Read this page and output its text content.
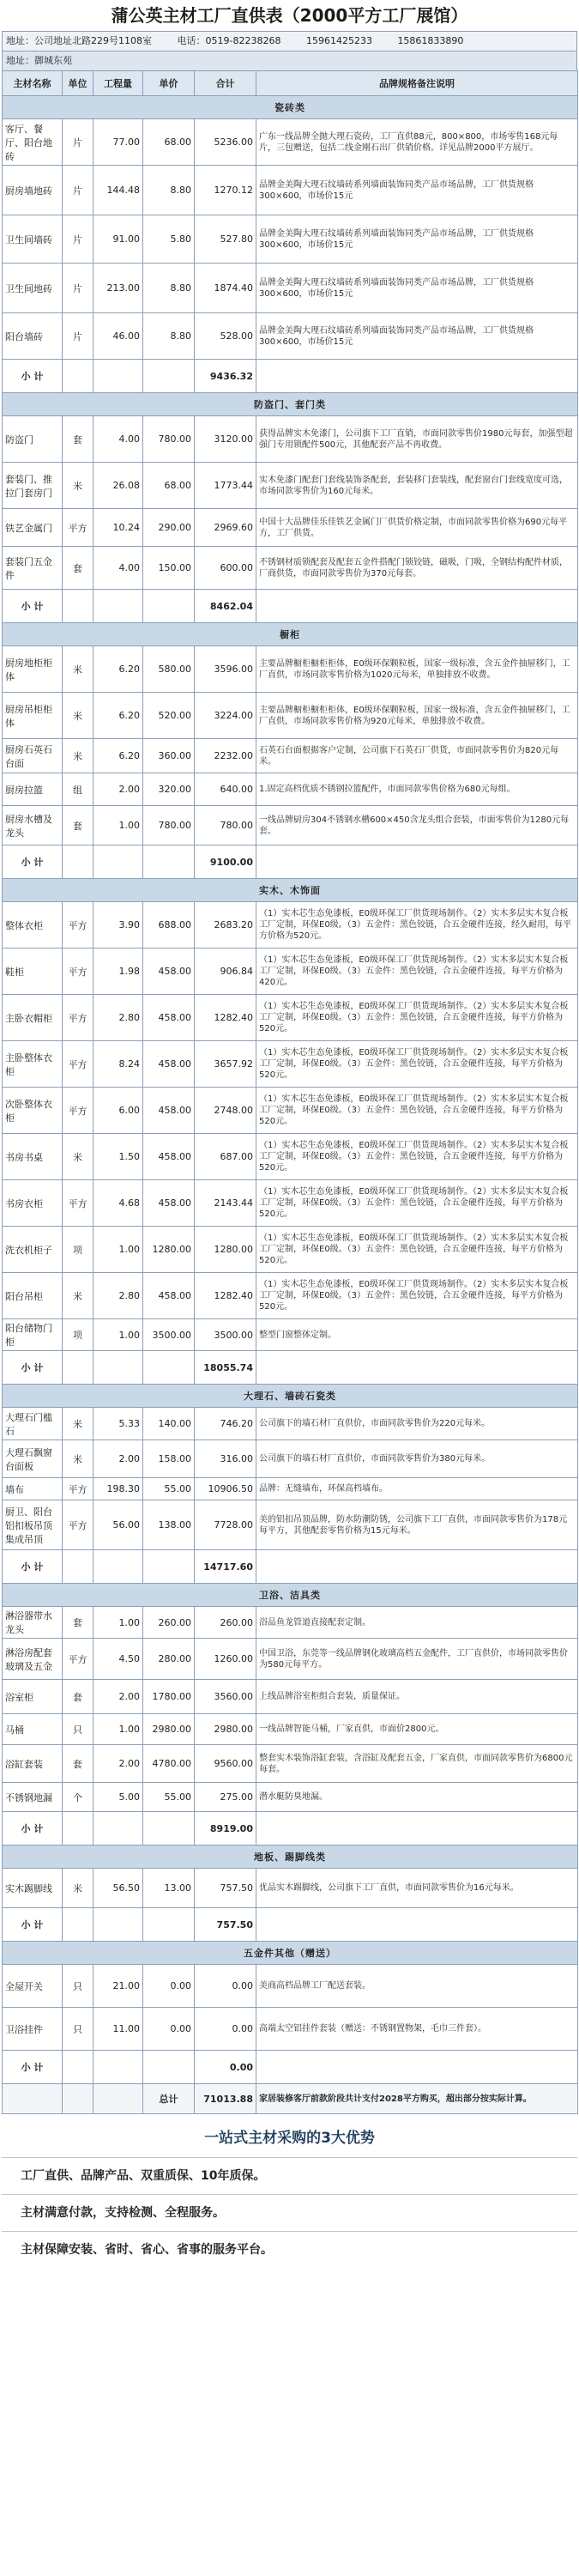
蒲公英主材工厂直供表（2000平方工厂展馆）
地址：公司地址北路229号1108室	电话：0519-82238268	15961425233	15861833890
地址：御城东苑
主材名称	单位	工程量	单价	合计	品牌规格备注说明
瓷砖类					
客厅、餐厅、阳台地砖	片	77.00	68.00	5236.00	广东一线品牌全抛大理石瓷砖，工厂直供88元，800×800，市场零售168元每片，三包赠送，包括二线金刚石出厂供销价格。详见品牌2000平方展厅。
厨房墙地砖	片	144.48	8.80	1270.12	品牌金美陶大理石纹墙砖系列墙面装饰同类产品市场品牌，工厂供货规格300×600，市场价15元
卫生间墙砖	片	91.00	5.80	527.80	品牌金美陶大理石纹墙砖系列墙面装饰同类产品市场品牌，工厂供货规格300×600，市场价15元
卫生间地砖	片	213.00	8.80	1874.40	品牌金美陶大理石纹墙砖系列墙面装饰同类产品市场品牌，工厂供货规格300×600，市场价15元
阳台墙砖	片	46.00	8.80	528.00	品牌金美陶大理石纹墙砖系列墙面装饰同类产品市场品牌，工厂供货规格300×600，市场价15元
小 计				9436.32	
防盗门、套门类					
防盗门	套	4.00	780.00	3120.00	获得品牌实木免漆门，公司旗下工厂直销，市面同款零售价1980元每套，加强型超强门专用锁配件500元，其他配套产品不再收费。
套装门、推拉门套房门	米	26.08	68.00	1773.44	实木免漆门配套门套线装饰条配套，套装移门套装线，配套窗台门套线宽度可选，市场同款零售价为160元每米。
铁艺金属门	平方	10.24	290.00	2969.60	中国十大品牌佳乐佳铁艺金属门厂供货价格定制，市面同款零售价格为690元每平方，工厂供货。
套装门五金件	套	4.00	150.00	600.00	不锈钢材质锁配套及配套五金件搭配门锁铰链，磁吸，门吸，全钢结构配件材质，厂商供货，市面同款零售价为370元每套。
小 计				8462.04	
橱柜					
厨房地柜柜体	米	6.20	580.00	3596.00	主要品牌橱柜橱柜柜体，E0级环保颗粒板，国家一级标准，含五金件抽屉移门，工厂直供，市场同款零售价格为1020元每米，单独排放不收费。
厨房吊柜柜体	米	6.20	520.00	3224.00	主要品牌橱柜橱柜柜体，E0级环保颗粒板，国家一级标准，含五金件抽屉移门，工厂直供，市场同款零售价格为920元每米，单独排放不收费。
厨房石英石台面	米	6.20	360.00	2232.00	石英石台面根据客户定制，公司旗下石英石厂供货，市面同款零售价为820元每米。
厨房拉篮	组	2.00	320.00	640.00	1.固定高档优质不锈钢拉篮配件，市面同款零售价格为680元每组。
厨房水槽及龙头	套	1.00	780.00	780.00	一线品牌厨房304不锈钢水槽600×450含龙头组合套装，市面零售价为1280元每套。
小 计				9100.00	
实木、木饰面					
整体衣柜	平方	3.90	688.00	2683.20	（1）实木芯生态免漆板，E0级环保工厂供货现场制作。（2）实木多层实木复合板工厂定制，环保E0级。（3）五金件：黑色铰链，合五金硬件连接，经久耐用，每平方价格为520元。
鞋柜	平方	1.98	458.00	906.84	（1）实木芯生态免漆板，E0级环保工厂供货现场制作。（2）实木多层实木复合板工厂定制，环保E0级。（3）五金件：黑色铰链，合五金硬件连接，每平方价格为420元。
主卧衣帽柜	平方	2.80	458.00	1282.40	（1）实木芯生态免漆板，E0级环保工厂供货现场制作。（2）实木多层实木复合板工厂定制，环保E0级。（3）五金件：黑色铰链，合五金硬件连接，每平方价格为520元。
主卧整体衣柜	平方	8.24	458.00	3657.92	（1）实木芯生态免漆板，E0级环保工厂供货现场制作。（2）实木多层实木复合板工厂定制，环保E0级。（3）五金件：黑色铰链，合五金硬件连接，每平方价格为520元。
次卧整体衣柜	平方	6.00	458.00	2748.00	（1）实木芯生态免漆板，E0级环保工厂供货现场制作。（2）实木多层实木复合板工厂定制，环保E0级。（3）五金件：黑色铰链，合五金硬件连接，每平方价格为520元。
书房书桌	米	1.50	458.00	687.00	（1）实木芯生态免漆板，E0级环保工厂供货现场制作。（2）实木多层实木复合板工厂定制，环保E0级。（3）五金件：黑色铰链，合五金硬件连接，每平方价格为520元。
书房衣柜	平方	4.68	458.00	2143.44	（1）实木芯生态免漆板，E0级环保工厂供货现场制作。（2）实木多层实木复合板工厂定制，环保E0级。（3）五金件：黑色铰链，合五金硬件连接，每平方价格为520元。
洗衣机柜子	项	1.00	1280.00	1280.00	（1）实木芯生态免漆板，E0级环保工厂供货现场制作。（2）实木多层实木复合板工厂定制，环保E0级。（3）五金件：黑色铰链，合五金硬件连接，每平方价格为520元。
阳台吊柜	米	2.80	458.00	1282.40	（1）实木芯生态免漆板，E0级环保工厂供货现场制作。（2）实木多层实木复合板工厂定制，环保E0级。（3）五金件：黑色铰链，合五金硬件连接，每平方价格为520元。
阳台储物门柜	项	1.00	3500.00	3500.00	整型门窗整体定制。
小 计				18055.74	
大理石、墙砖石瓷类					
大理石门槛石	米	5.33	140.00	746.20	公司旗下的墙石材厂直供价，市面同款零售价为220元每米。
大理石飘窗台面板	米	2.00	158.00	316.00	公司旗下的墙石材厂直供价，市面同款零售价为380元每米。
墙布	平方	198.30	55.00	10906.50	品牌：无缝墙布，环保高档墙布。
厨卫、阳台铝扣板吊顶集成吊顶	平方	56.00	138.00	7728.00	美的铝扣吊顶品牌，防水防潮防锈，公司旗下工厂直供，市面同款零售价为178元每平方，其他配套零售价格为15元每米。
小 计				14717.60	
卫浴、洁具类					
淋浴器带水龙头	套	1.00	260.00	260.00	浴品鱼龙管道直接配套定制。
淋浴房配套玻璃及五金	平方	4.50	280.00	1260.00	中国卫浴，东莞等一线品牌钢化玻璃高档五金配件，工厂直供价，市场同款零售价为580元每平方。
浴室柜	套	2.00	1780.00	3560.00	上线品牌浴室柜组合套装，质量保证。
马桶	只	1.00	2980.00	2980.00	一线品牌智能马桶，厂家直供，市面价2800元。
浴缸套装	套	2.00	4780.00	9560.00	整套实木装饰浴缸套装，含浴缸及配套五金，厂家直供，市面同款零售价为6800元每套。
不锈钢地漏	个	5.00	55.00	275.00	潜水艇防臭地漏。
小 计				8919.00	
地板、踢脚线类					
实木踢脚线	米	56.50	13.00	757.50	优品实木踢脚线，公司旗下工厂直供，市面同款零售价为16元每米。
小 计				757.50	
五金件其他（赠送）					
全屋开关	只	21.00	0.00	0.00	美商高档品牌工厂配送套装。
卫浴挂件	只	11.00	0.00	0.00	高端太空铝挂件套装（赠送：不锈钢置物架，毛巾三件套）。
小 计				0.00	
			总计	71013.88	家居装修客厅前款阶段共计支付2028平方购买，超出部分按实际计算。
一站式主材采购的3大优势
工厂直供、品牌产品、双重质保、10年质保。
主材满意付款，支持检测、全程服务。
主材保障安装、省时、省心、省事的服务平台。
